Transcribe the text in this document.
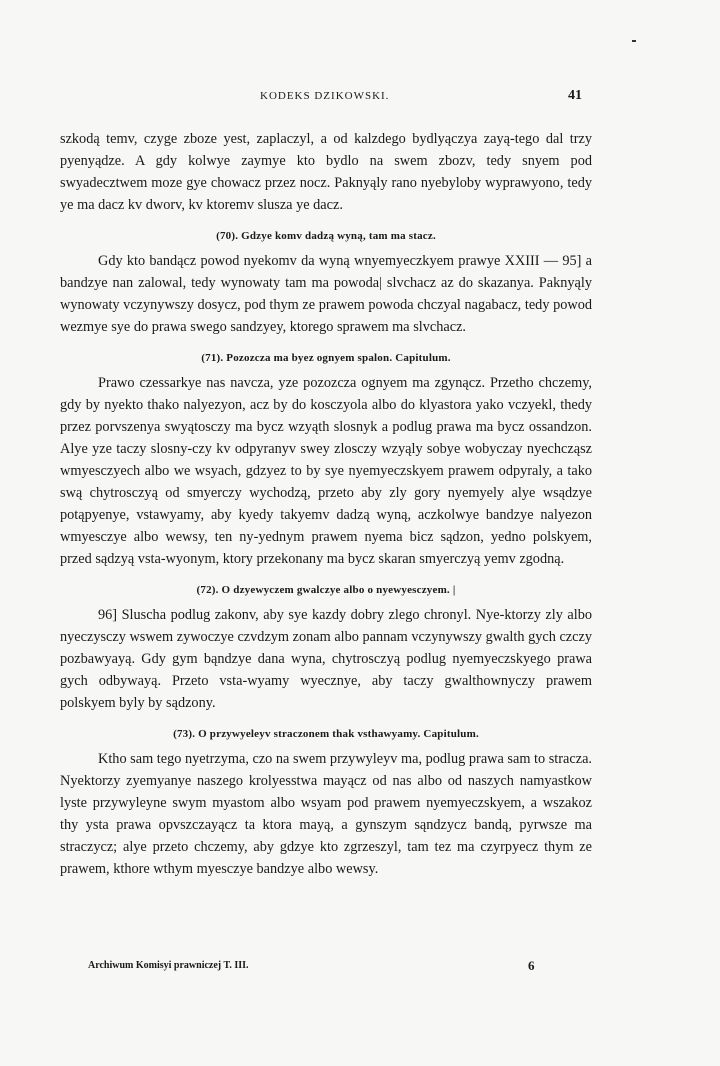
KODEKS DZIKOWSKI.	41

szkodą temv, czyge zboze yest, zaplaczyl, a od kalzdego bydlyączya zayą-tego dal trzy pyenyądze. A gdy kolwye zaymye kto bydlo na swem zbozv, tedy snyem pod swyadecztwem moze gye chowacz przez nocz. Paknyąly rano nyebyloby wyprawyono, tedy ye ma dacz kv dworv, kv ktoremv slusza ye dacz.

(70). Gdzye komv dadzą wyną, tam ma stacz.

Gdy kto bandącz powod nyekomv da wyną wnyemyeczkyem prawye XXIII — 95] a bandzye nan zalowal, tedy wynowaty tam ma powoda| slvchacz az do skazanya. Paknyąly wynowaty vczynywszy dosycz, pod thym ze prawem powoda chczyal nagabacz, tedy powod wezmye sye do prawa swego sandzyey, ktorego sprawem ma slvchacz.

(71). Pozozcza ma byez ognyem spalon. Capitulum.

Prawo czessarkye nas navcza, yze pozozcza ognyem ma zgynącz. Przetho chczemy, gdy by nyekto thako nalyezyon, acz by do kosczyola albo do klyastora yako vczyekl, thedy przez porvszenya swyątosczy ma bycz wzyąth slosnyk a podlug prawa ma bycz ossandzon. Alye yze taczy slosny-czy kv odpyranyv swey zlosczy wzyąly sobye wobyczay nyechcząsz wmyesczyech albo we wsyach, gdzyez to by sye nyemyeczskyem prawem odpyraly, a tako swą chytrosczyą od smyerczy wychodzą, przeto aby zly gory nyemyely alye wsądzye potąpyenye, vstawyamy, aby kyedy takyemv dadzą wyną, aczkolwye bandzye nalyezon wmyesczye albo wewsy, ten ny-yednym prawem nyema bicz sądzon, yedno polskyem, przed sądzyą vsta-wyonym, ktory przekonany ma bycz skaran smyerczyą yemv zgodną.

(72). O dzyewyczem gwalczye albo o nyewyesczyem. |

96] Sluscha podlug zakonv, aby sye kazdy dobry zlego chronyl. Nye-ktorzy zly albo nyeczysczy wswem zywoczye czvdzym zonam albo pannam vczynywszy gwalth gych czczy pozbawyayą. Gdy gym bąndzye dana wyna, chytrosczyą podlug nyemyeczskyego prawa gych odbywayą. Przeto vsta-wyamy wyecznye, aby taczy gwalthownyczy prawem polskyem byly by sądzony.

(73). O przywyeleyv straczonem thak vsthawyamy. Capitulum.

Ktho sam tego nyetrzyma, czo na swem przywyleyv ma, podlug prawa sam to stracza. Nyektorzy zyemyanye naszego krolyesstwa mayącz od nas albo od naszych namyastkow lyste przywyleyne swym myastom albo wsyam pod prawem nyemyeczskyem, a wszakoz thy ysta prawa opvszczayącz ta ktora mayą, a gynszym sąndzycz bandą, pyrwsze ma straczycz; alye przeto chczemy, aby gdzye kto zgrzeszyl, tam tez ma czyrpyecz thym ze prawem, kthore wthym myesczye bandzye albo wewsy.

Archiwum Komisyi prawniczej T. III.	6
